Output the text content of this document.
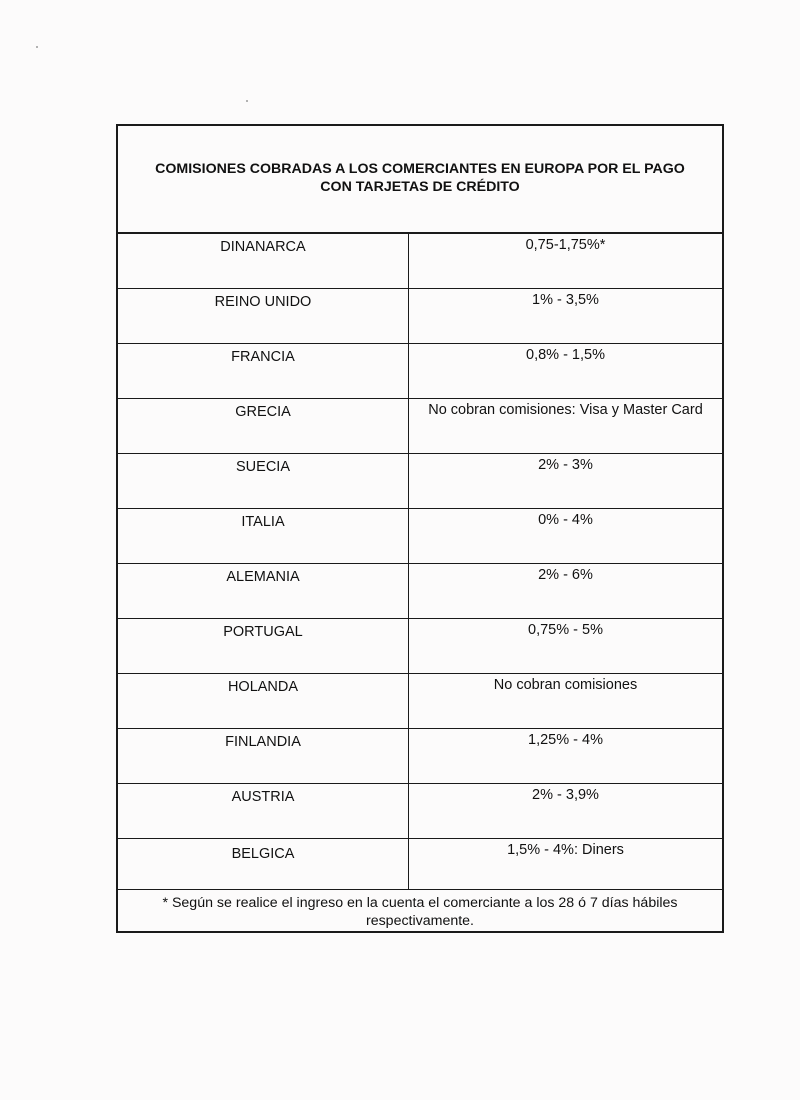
COMISIONES COBRADAS A LOS COMERCIANTES EN EUROPA POR EL PAGO
CON TARJETAS DE CRÉDITO

DINANARCA	0,75-1,75%*
REINO UNIDO	1% - 3,5%
FRANCIA	0,8% - 1,5%
GRECIA	No cobran comisiones: Visa y Master Card
SUECIA	2% - 3%
ITALIA	0% - 4%
ALEMANIA	2% - 6%
PORTUGAL	0,75% - 5%
HOLANDA	No cobran comisiones
FINLANDIA	1,25% - 4%
AUSTRIA	2% - 3,9%
BELGICA	1,5% - 4%: Diners
* Según se realice el ingreso en la cuenta el comerciante a los 28 ó 7 días hábiles
respectivamente.
